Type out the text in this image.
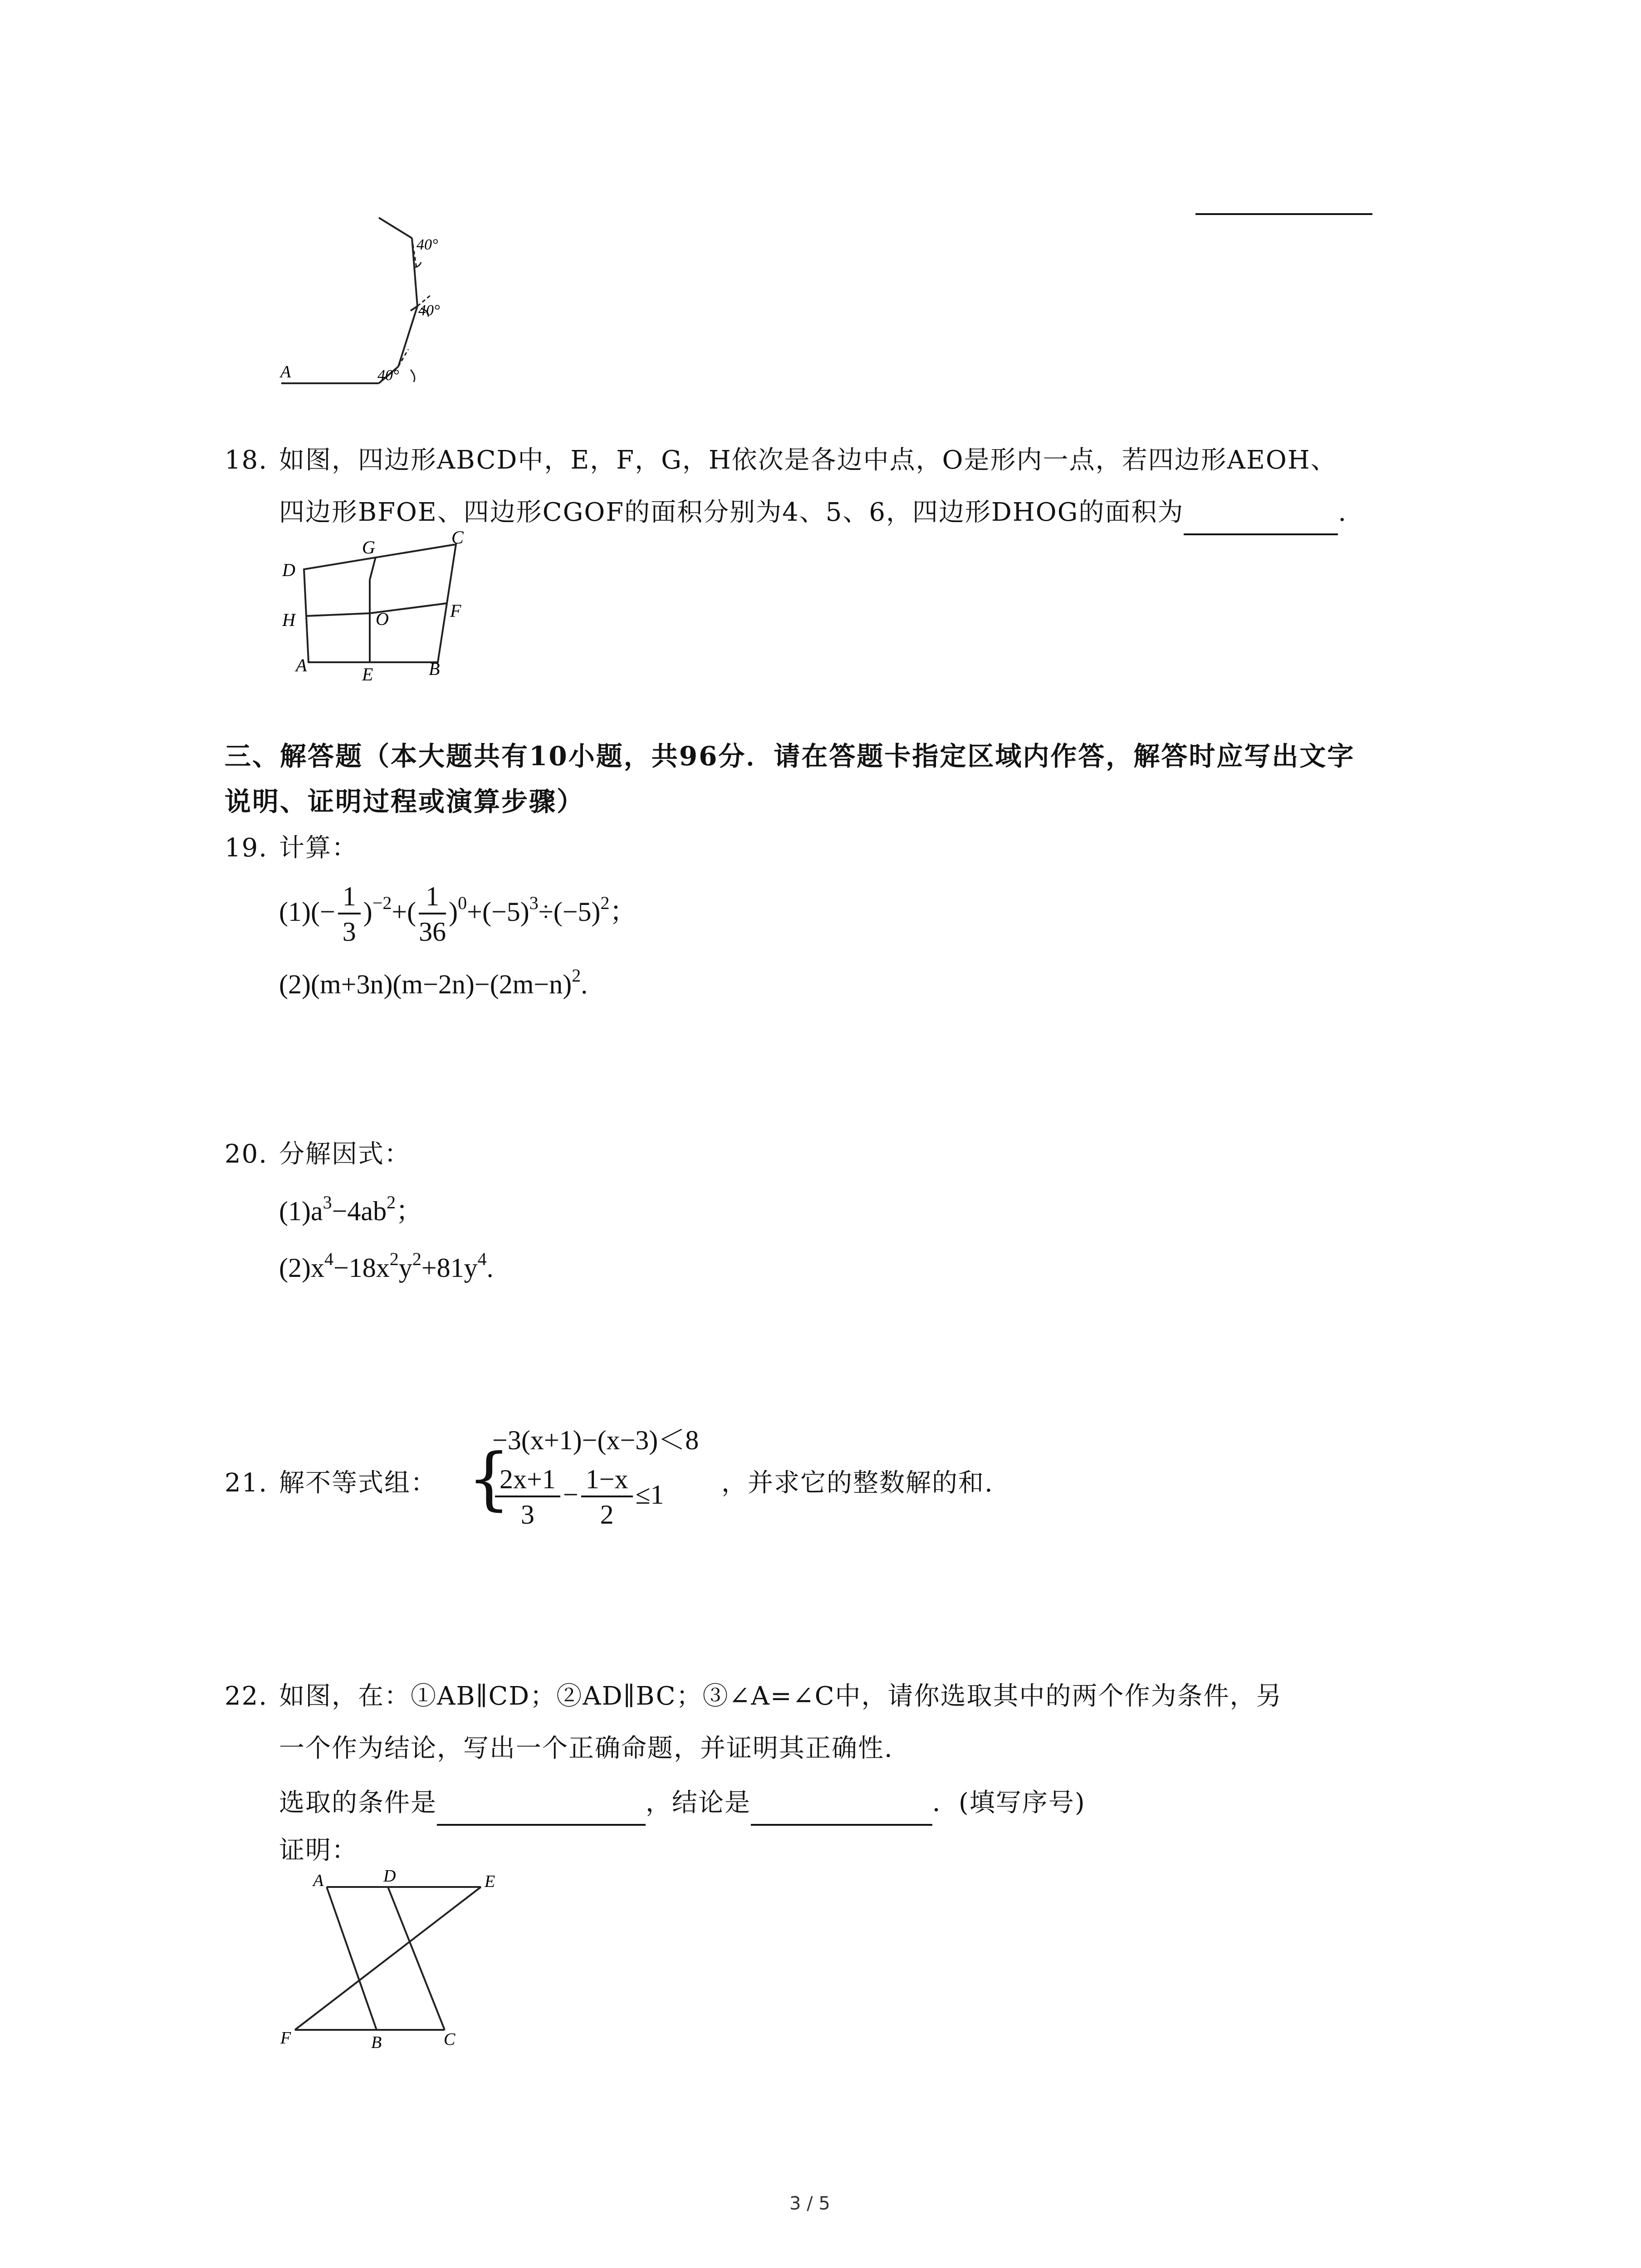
40°
40°
40°
A
18. 如图，四边形ABCD中，E，F，G，H依次是各边中点，O是形内一点，若四边形AEOH、
四边形BFOE、四边形CGOF的面积分别为4、5、6，四边形DHOG的面积为	.
D
G	C
H	O	F
A	E	B
三、解答题（本大题共有10小题，共96分．请在答题卡指定区域内作答，解答时应写出文字
说明、证明过程或演算步骤）
19. 计算：
$(1)(- \frac{1}{3} )^{-2}+( \frac{1}{36} )^0+(-5)^3\div(-5)^2$；
$(2)(m+3n)(m-2n)-(2m-n)^2$.
20. 分解因式：
$(1)a^3-4ab^2$；
$(2)x^4-18x^2y^2+81y^4$.
21. 解不等式组： {
−3(x+1)−(x−3)＜8
$\frac{2x+1}{3} - \frac{1-x}{2} \le 1$ ，并求它的整数解的和.
22. 如图，在：①AB∥CD；②AD∥BC；③∠A=∠C中，请你选取其中的两个作为条件，另
一个作为结论，写出一个正确命题，并证明其正确性.
选取的条件是	，结论是	．(填写序号)
证明：
A	D	E
F	B	C
3 / 5
